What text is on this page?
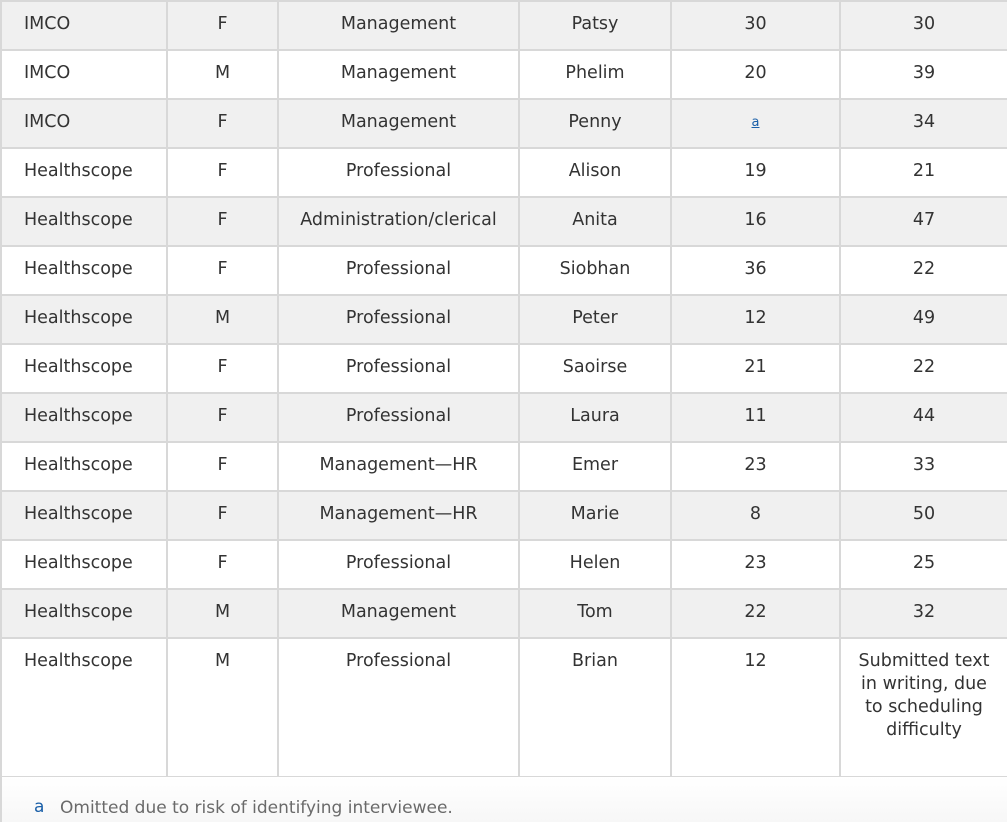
IMCO	F	Management	Patsy	30	30
IMCO	M	Management	Phelim	20	39
IMCO	F	Management	Penny	a	34
Healthscope	F	Professional	Alison	19	21
Healthscope	F	Administration/clerical	Anita	16	47
Healthscope	F	Professional	Siobhan	36	22
Healthscope	M	Professional	Peter	12	49
Healthscope	F	Professional	Saoirse	21	22
Healthscope	F	Professional	Laura	11	44
Healthscope	F	Management—HR	Emer	23	33
Healthscope	F	Management—HR	Marie	8	50
Healthscope	F	Professional	Helen	23	25
Healthscope	M	Management	Tom	22	32
Healthscope	M	Professional	Brian	12	Submitted text in writing, due to scheduling difficulty
a Omitted due to risk of identifying interviewee.
